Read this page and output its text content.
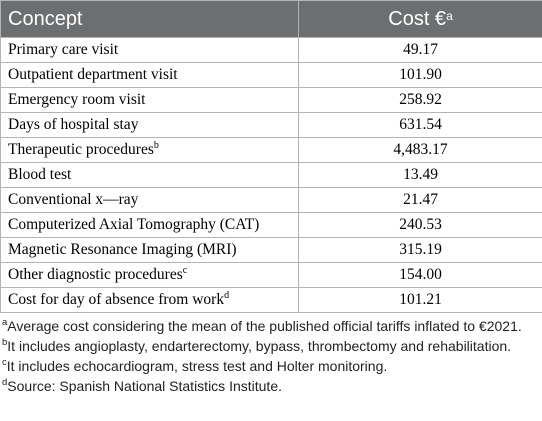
Concept	Cost €$^a$
Primary care visit	49.17
Outpatient department visit	101.90
Emergency room visit	258.92
Days of hospital stay	631.54
Therapeutic procedures$^b$	4,483.17
Blood test	13.49
Conventional x—ray	21.47
Computerized Axial Tomography (CAT)	240.53
Magnetic Resonance Imaging (MRI)	315.19
Other diagnostic procedures$^c$	154.00
Cost for day of absence from work$^d$	101.21

$^a$Average cost considering the mean of the published official tariffs inflated to €2021.

$^b$It includes angioplasty, endarterectomy, bypass, thrombectomy and rehabilitation.

$^c$It includes echocardiogram, stress test and Holter monitoring.

$^d$Source: Spanish National Statistics Institute.
